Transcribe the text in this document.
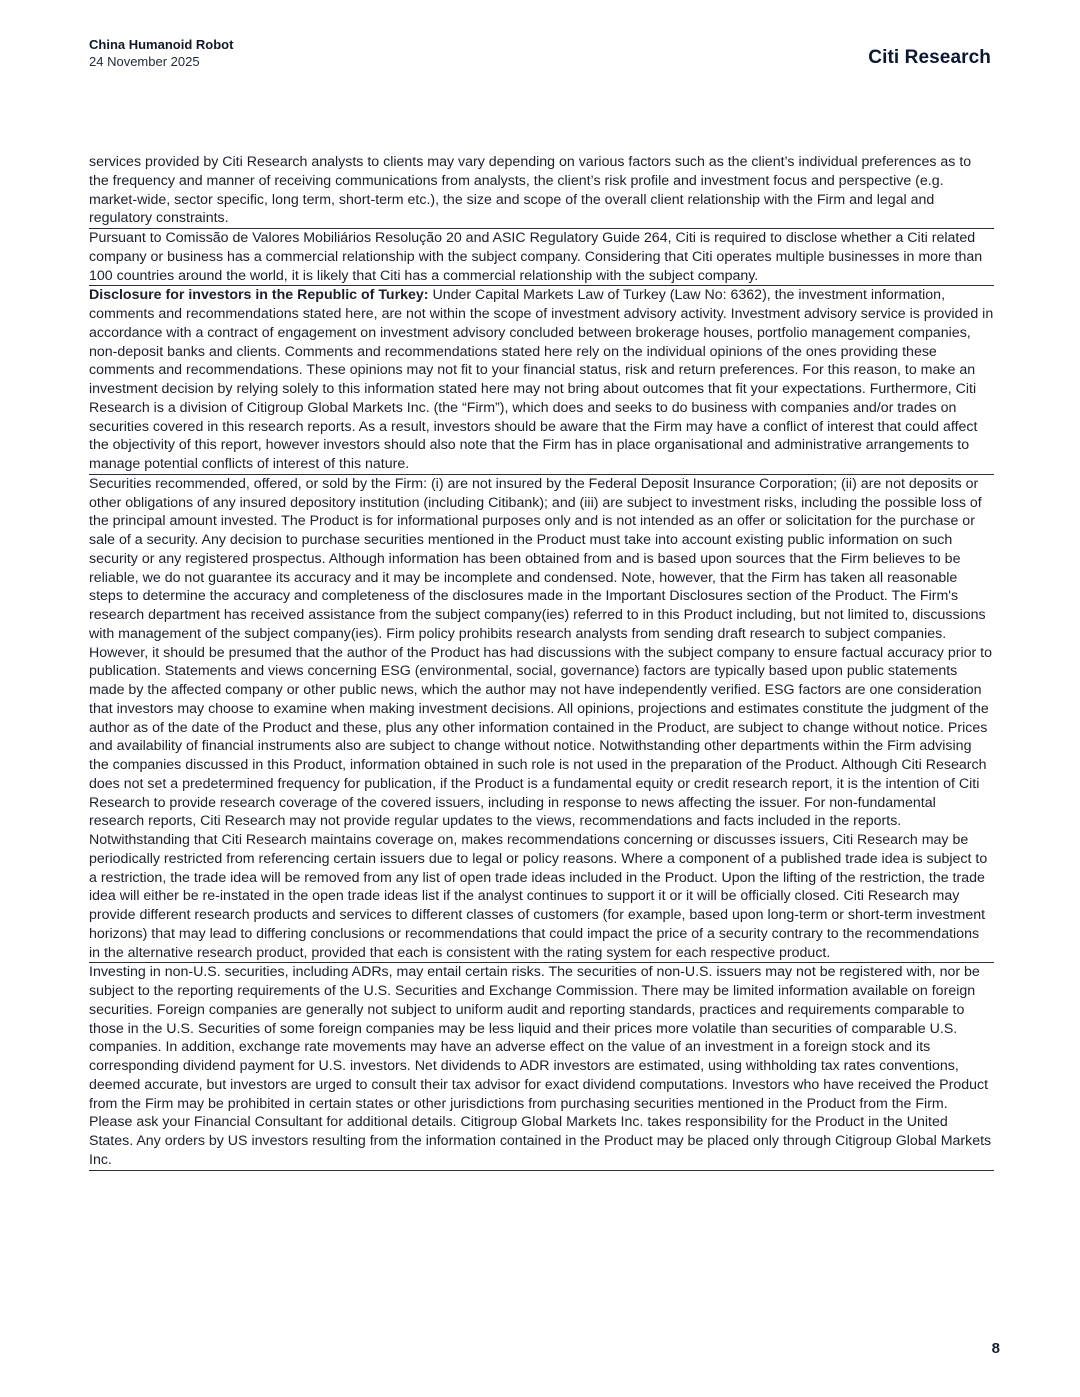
China Humanoid Robot
24 November 2025	Citi Research

services provided by Citi Research analysts to clients may vary depending on various factors such as the client’s individual preferences as to the frequency and manner of receiving communications from analysts, the client’s risk profile and investment focus and perspective (e.g. market-wide, sector specific, long term, short-term etc.), the size and scope of the overall client relationship with the Firm and legal and regulatory constraints.

Pursuant to Comissão de Valores Mobiliários Resolução 20 and ASIC Regulatory Guide 264, Citi is required to disclose whether a Citi related company or business has a commercial relationship with the subject company. Considering that Citi operates multiple businesses in more than 100 countries around the world, it is likely that Citi has a commercial relationship with the subject company.

Disclosure for investors in the Republic of Turkey: Under Capital Markets Law of Turkey (Law No: 6362), the investment information, comments and recommendations stated here, are not within the scope of investment advisory activity. Investment advisory service is provided in accordance with a contract of engagement on investment advisory concluded between brokerage houses, portfolio management companies, non-deposit banks and clients. Comments and recommendations stated here rely on the individual opinions of the ones providing these comments and recommendations. These opinions may not fit to your financial status, risk and return preferences. For this reason, to make an investment decision by relying solely to this information stated here may not bring about outcomes that fit your expectations. Furthermore, Citi Research is a division of Citigroup Global Markets Inc. (the “Firm”), which does and seeks to do business with companies and/or trades on securities covered in this research reports. As a result, investors should be aware that the Firm may have a conflict of interest that could affect the objectivity of this report, however investors should also note that the Firm has in place organisational and administrative arrangements to manage potential conflicts of interest of this nature.

Securities recommended, offered, or sold by the Firm: (i) are not insured by the Federal Deposit Insurance Corporation; (ii) are not deposits or other obligations of any insured depository institution (including Citibank); and (iii) are subject to investment risks, including the possible loss of the principal amount invested. The Product is for informational purposes only and is not intended as an offer or solicitation for the purchase or sale of a security. Any decision to purchase securities mentioned in the Product must take into account existing public information on such security or any registered prospectus. Although information has been obtained from and is based upon sources that the Firm believes to be reliable, we do not guarantee its accuracy and it may be incomplete and condensed. Note, however, that the Firm has taken all reasonable steps to determine the accuracy and completeness of the disclosures made in the Important Disclosures section of the Product. The Firm's research department has received assistance from the subject company(ies) referred to in this Product including, but not limited to, discussions with management of the subject company(ies). Firm policy prohibits research analysts from sending draft research to subject companies. However, it should be presumed that the author of the Product has had discussions with the subject company to ensure factual accuracy prior to publication. Statements and views concerning ESG (environmental, social, governance) factors are typically based upon public statements made by the affected company or other public news, which the author may not have independently verified. ESG factors are one consideration that investors may choose to examine when making investment decisions. All opinions, projections and estimates constitute the judgment of the author as of the date of the Product and these, plus any other information contained in the Product, are subject to change without notice. Prices and availability of financial instruments also are subject to change without notice. Notwithstanding other departments within the Firm advising the companies discussed in this Product, information obtained in such role is not used in the preparation of the Product. Although Citi Research does not set a predetermined frequency for publication, if the Product is a fundamental equity or credit research report, it is the intention of Citi Research to provide research coverage of the covered issuers, including in response to news affecting the issuer. For non-fundamental research reports, Citi Research may not provide regular updates to the views, recommendations and facts included in the reports. Notwithstanding that Citi Research maintains coverage on, makes recommendations concerning or discusses issuers, Citi Research may be periodically restricted from referencing certain issuers due to legal or policy reasons. Where a component of a published trade idea is subject to a restriction, the trade idea will be removed from any list of open trade ideas included in the Product. Upon the lifting of the restriction, the trade idea will either be re-instated in the open trade ideas list if the analyst continues to support it or it will be officially closed. Citi Research may provide different research products and services to different classes of customers (for example, based upon long-term or short-term investment horizons) that may lead to differing conclusions or recommendations that could impact the price of a security contrary to the recommendations in the alternative research product, provided that each is consistent with the rating system for each respective product.

Investing in non-U.S. securities, including ADRs, may entail certain risks. The securities of non-U.S. issuers may not be registered with, nor be subject to the reporting requirements of the U.S. Securities and Exchange Commission. There may be limited information available on foreign securities. Foreign companies are generally not subject to uniform audit and reporting standards, practices and requirements comparable to those in the U.S. Securities of some foreign companies may be less liquid and their prices more volatile than securities of comparable U.S. companies. In addition, exchange rate movements may have an adverse effect on the value of an investment in a foreign stock and its corresponding dividend payment for U.S. investors. Net dividends to ADR investors are estimated, using withholding tax rates conventions, deemed accurate, but investors are urged to consult their tax advisor for exact dividend computations. Investors who have received the Product from the Firm may be prohibited in certain states or other jurisdictions from purchasing securities mentioned in the Product from the Firm. Please ask your Financial Consultant for additional details. Citigroup Global Markets Inc. takes responsibility for the Product in the United States. Any orders by US investors resulting from the information contained in the Product may be placed only through Citigroup Global Markets Inc.

8
